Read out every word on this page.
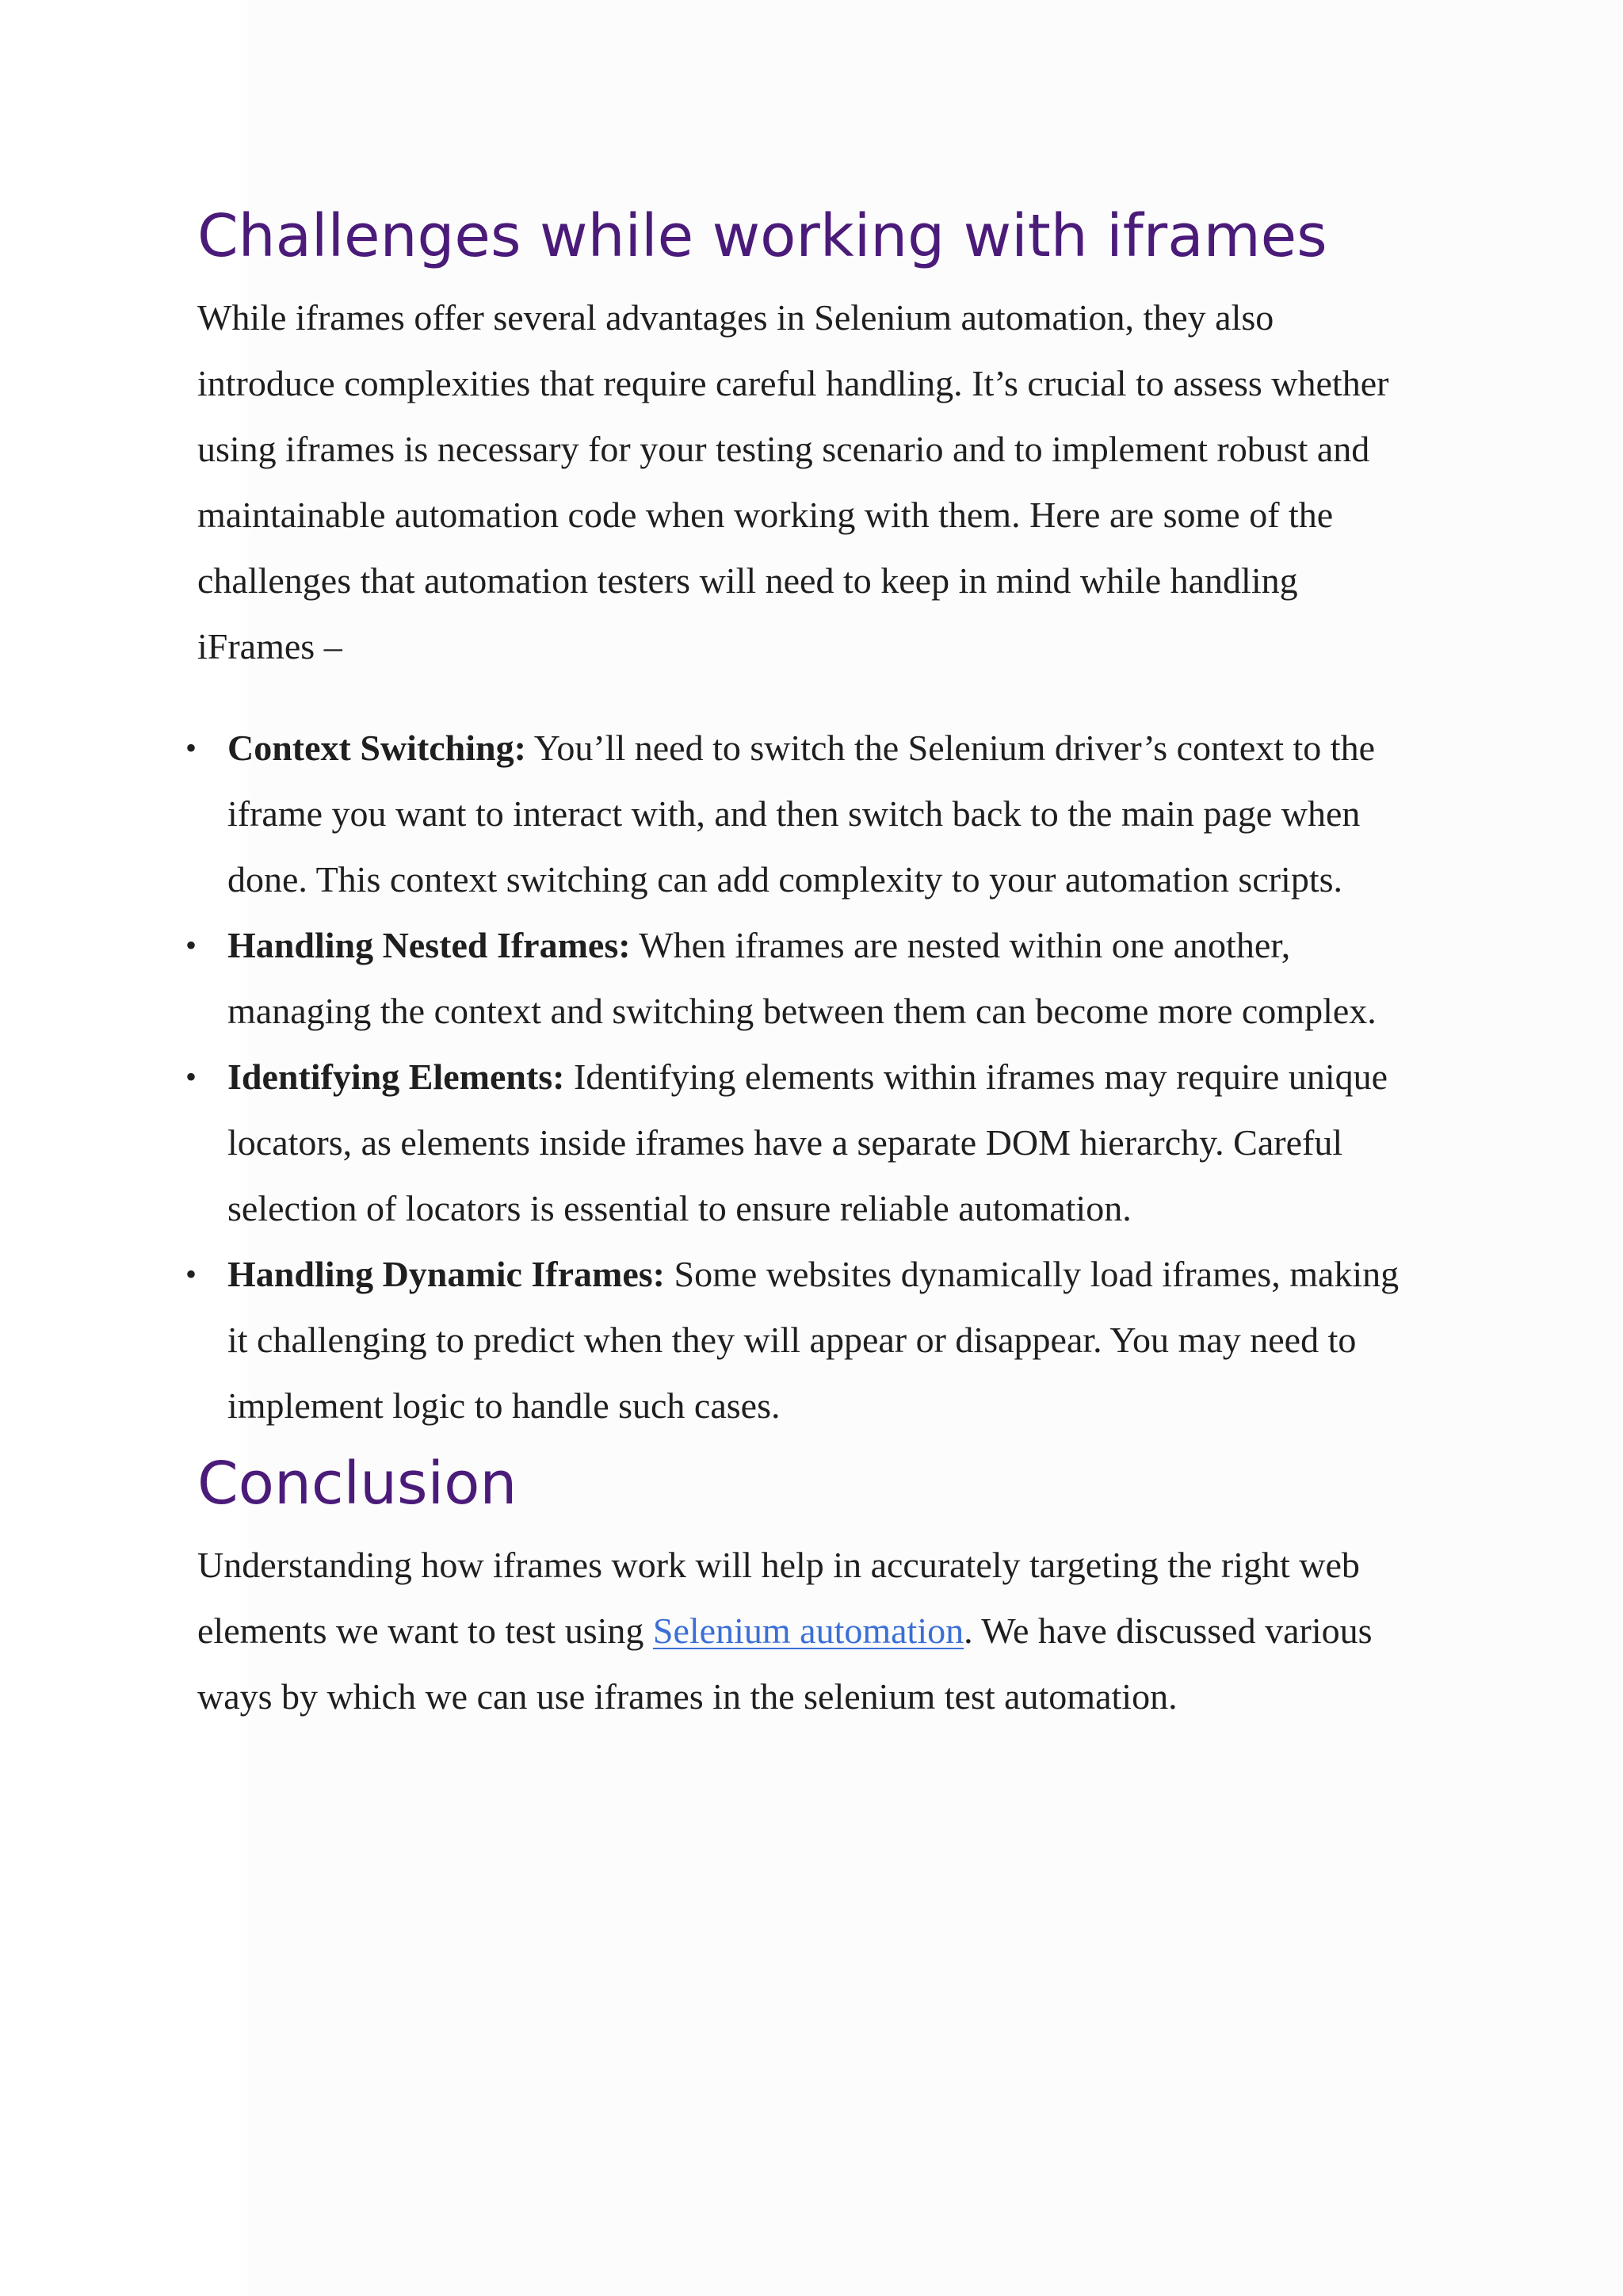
Challenges while working with iframes

While iframes offer several advantages in Selenium automation, they also introduce complexities that require careful handling. It’s crucial to assess whether using iframes is necessary for your testing scenario and to implement robust and maintainable automation code when working with them. Here are some of the challenges that automation testers will need to keep in mind while handling iFrames –

• Context Switching: You’ll need to switch the Selenium driver’s context to the iframe you want to interact with, and then switch back to the main page when done. This context switching can add complexity to your automation scripts.
• Handling Nested Iframes: When iframes are nested within one another, managing the context and switching between them can become more complex.
• Identifying Elements: Identifying elements within iframes may require unique locators, as elements inside iframes have a separate DOM hierarchy. Careful selection of locators is essential to ensure reliable automation.
• Handling Dynamic Iframes: Some websites dynamically load iframes, making it challenging to predict when they will appear or disappear. You may need to implement logic to handle such cases.
Conclusion

Understanding how iframes work will help in accurately targeting the right web elements we want to test using Selenium automation. We have discussed various ways by which we can use iframes in the selenium test automation.
